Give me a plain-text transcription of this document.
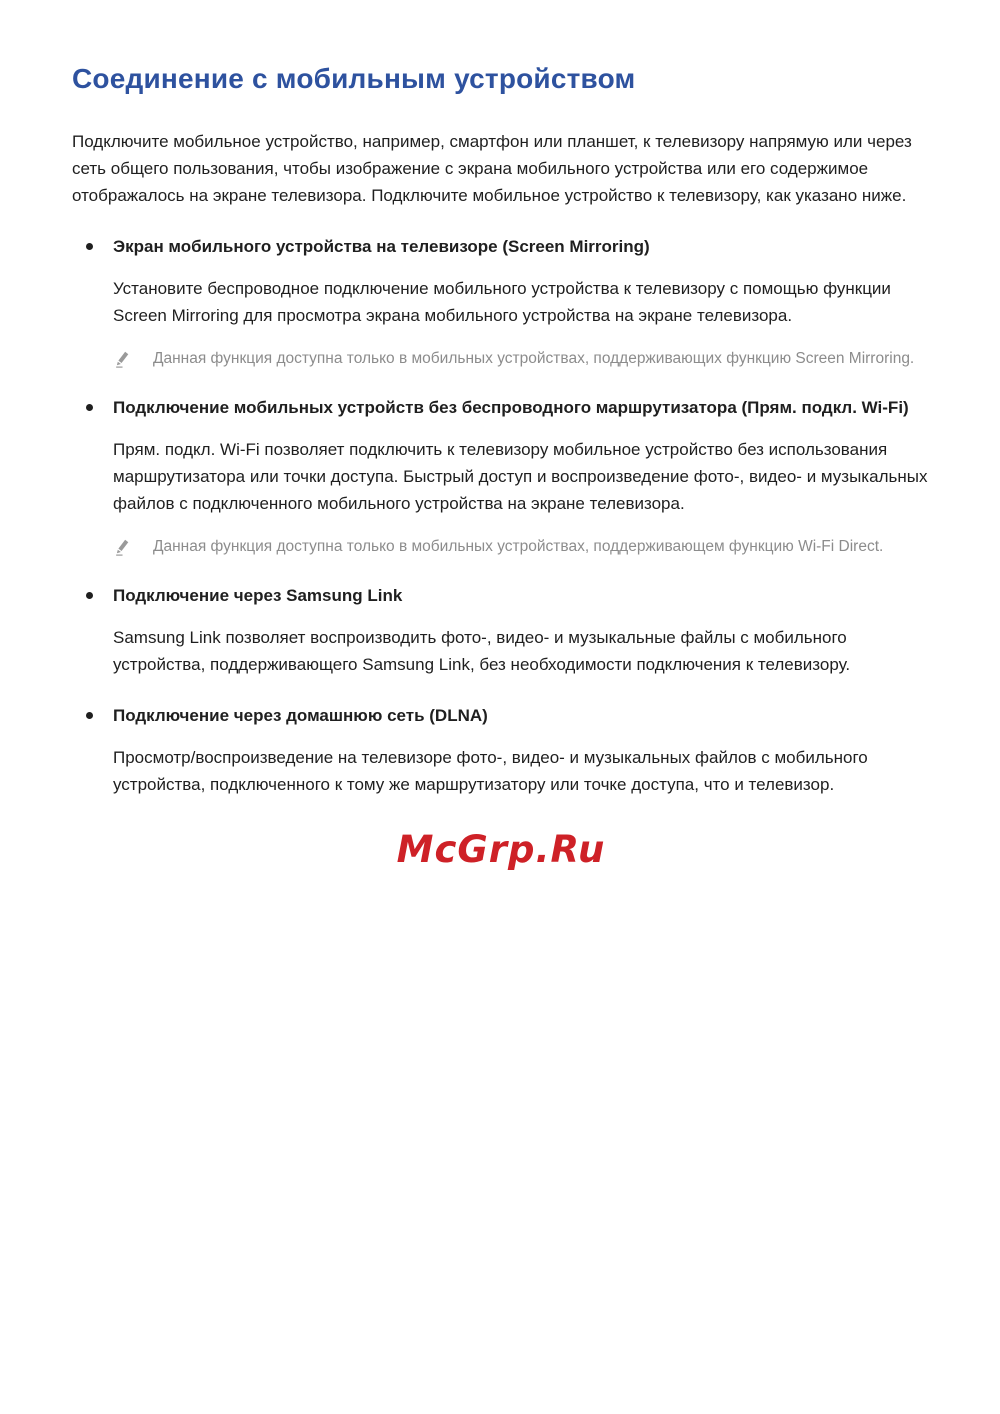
Соединение с мобильным устройством

Подключите мобильное устройство, например, смартфон или планшет, к телевизору напрямую или через сеть общего пользования, чтобы изображение с экрана мобильного устройства или его содержимое отображалось на экране телевизора. Подключите мобильное устройство к телевизору, как указано ниже.

Экран мобильного устройства на телевизоре (Screen Mirroring)

Установите беспроводное подключение мобильного устройства к телевизору с помощью функции Screen Mirroring для просмотра экрана мобильного устройства на экране телевизора.

Данная функция доступна только в мобильных устройствах, поддерживающих функцию Screen Mirroring.
Подключение мобильных устройств без беспроводного маршрутизатора (Прям. подкл. Wi-Fi)

Прям. подкл. Wi-Fi позволяет подключить к телевизору мобильное устройство без использования маршрутизатора или точки доступа. Быстрый доступ и воспроизведение фото-, видео- и музыкальных файлов с подключенного мобильного устройства на экране телевизора.

Данная функция доступна только в мобильных устройствах, поддерживающем функцию Wi-Fi Direct.
Подключение через Samsung Link

Samsung Link позволяет воспроизводить фото-, видео- и музыкальные файлы с мобильного устройства, поддерживающего Samsung Link, без необходимости подключения к телевизору.

Подключение через домашнюю сеть (DLNA)

Просмотр/воспроизведение на телевизоре фото-, видео- и музыкальных файлов с мобильного устройства, подключенного к тому же маршрутизатору или точке доступа, что и телевизор.

McGrp.Ru
